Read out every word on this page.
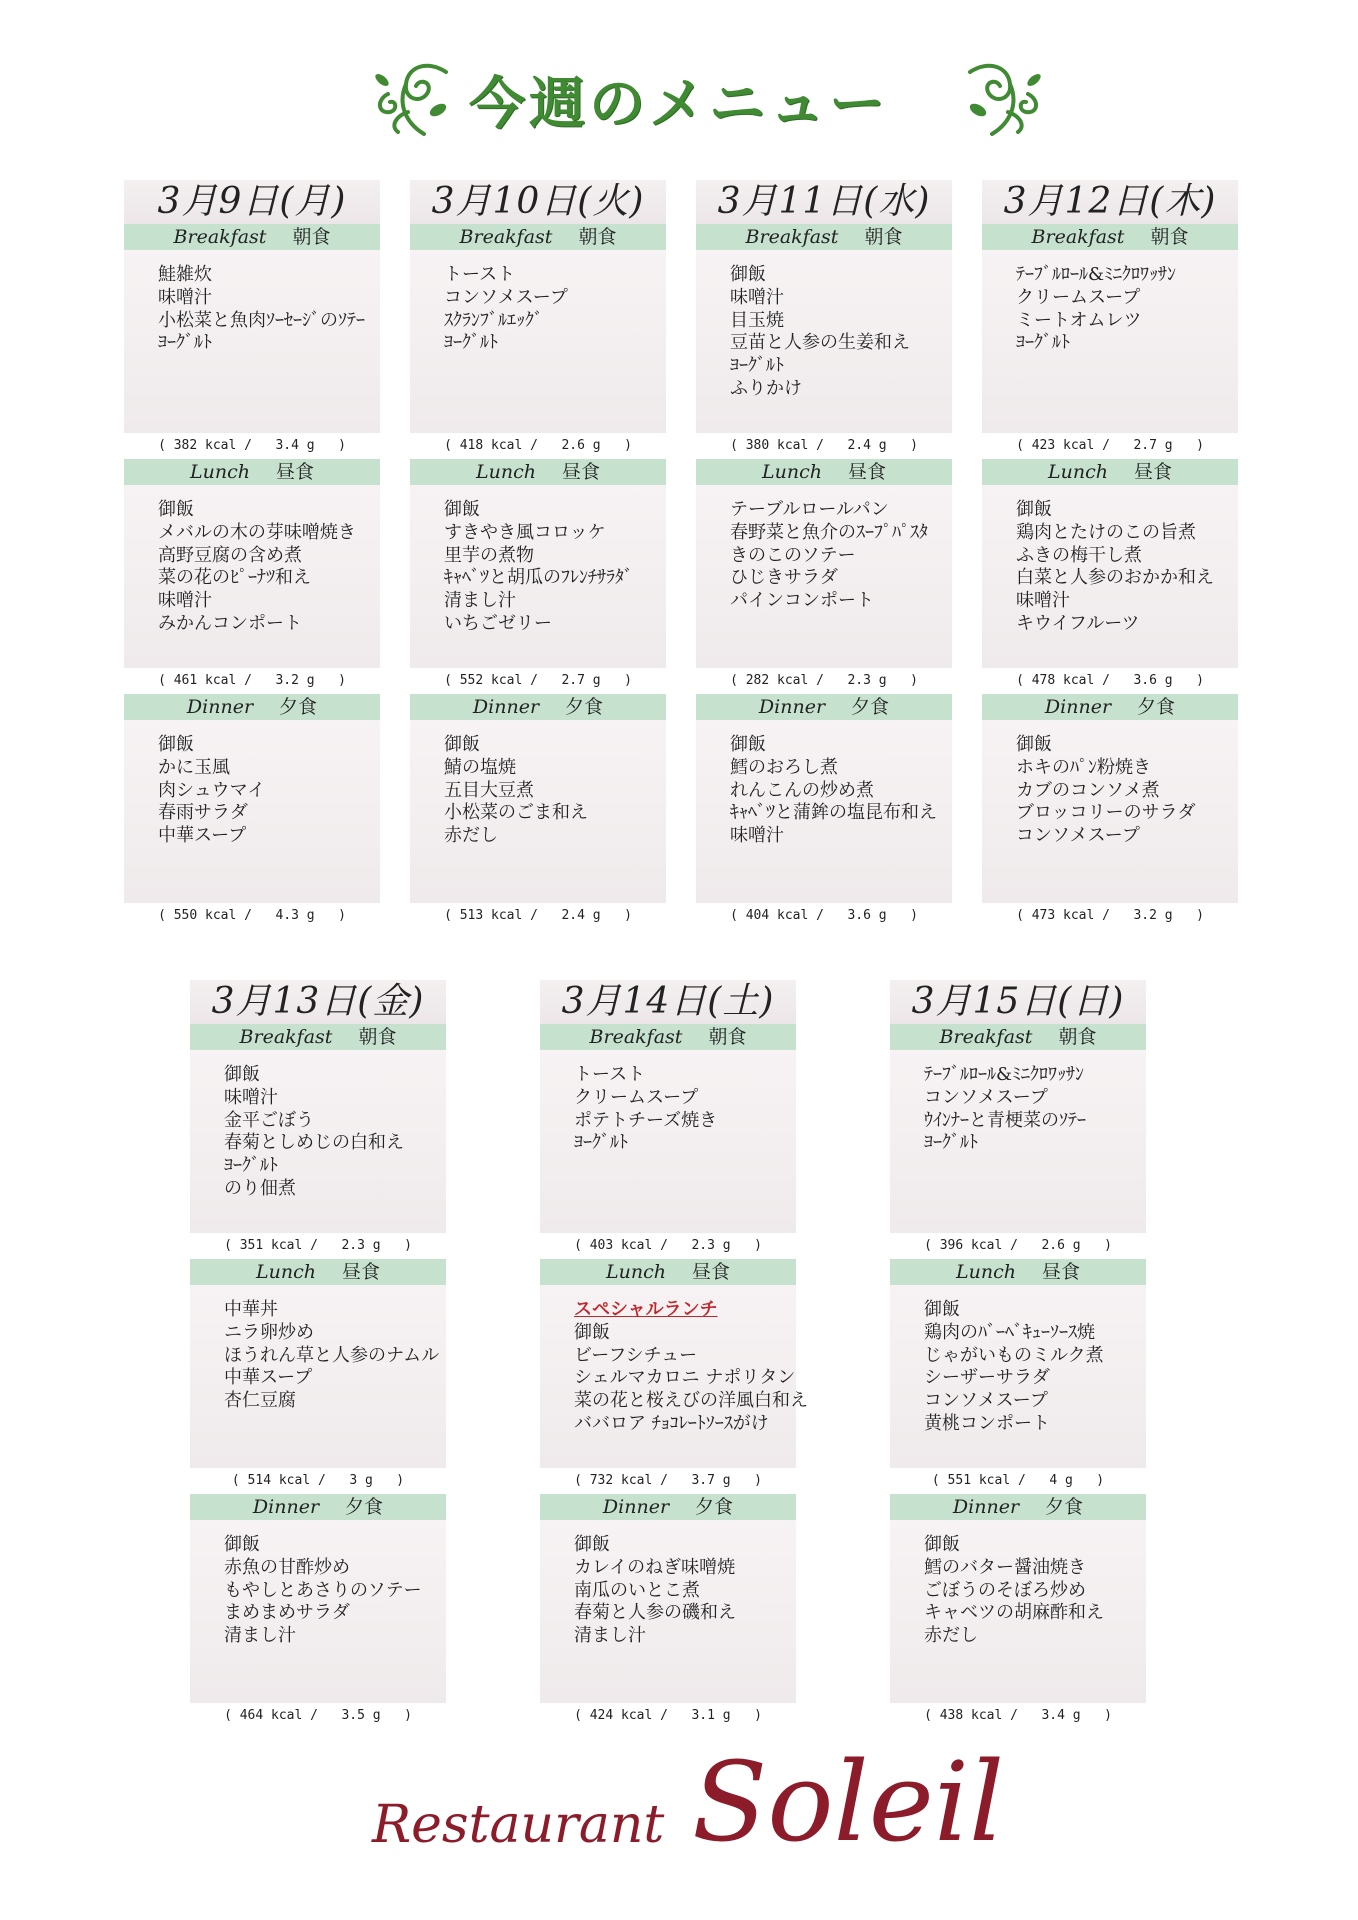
今週のメニュー
3月9日(月)
Breakfast 朝食
鮭雑炊
味噌汁
小松菜と魚肉ｿｰｾｰｼﾞのｿﾃｰ
ﾖｰｸﾞﾙﾄ
( 382 kcal /   3.4 g   )
Lunch 昼食
御飯
メバルの木の芽味噌焼き
高野豆腐の含め煮
菜の花のﾋﾟｰﾅﾂ和え
味噌汁
みかんコンポート
( 461 kcal /   3.2 g   )
Dinner 夕食
御飯
かに玉風
肉シュウマイ
春雨サラダ
中華スープ
( 550 kcal /   4.3 g   )
3月10日(火)
Breakfast 朝食
トースト
コンソメスープ
ｽｸﾗﾝﾌﾞﾙｴｯｸﾞ
ﾖｰｸﾞﾙﾄ
( 418 kcal /   2.6 g   )
Lunch 昼食
御飯
すきやき風コロッケ
里芋の煮物
ｷｬﾍﾞﾂと胡瓜のﾌﾚﾝﾁｻﾗﾀﾞ
清まし汁
いちごゼリー
( 552 kcal /   2.7 g   )
Dinner 夕食
御飯
鯖の塩焼
五目大豆煮
小松菜のごま和え
赤だし
( 513 kcal /   2.4 g   )
3月11日(水)
Breakfast 朝食
御飯
味噌汁
目玉焼
豆苗と人参の生姜和え
ﾖｰｸﾞﾙﾄ
ふりかけ
( 380 kcal /   2.4 g   )
Lunch 昼食
テーブルロールパン
春野菜と魚介のｽｰﾌﾟﾊﾟｽﾀ
きのこのソテー
ひじきサラダ
パインコンポート
( 282 kcal /   2.3 g   )
Dinner 夕食
御飯
鱈のおろし煮
れんこんの炒め煮
ｷｬﾍﾞﾂと蒲鉾の塩昆布和え
味噌汁
( 404 kcal /   3.6 g   )
3月12日(木)
Breakfast 朝食
ﾃｰﾌﾞﾙﾛｰﾙ&ﾐﾆｸﾛﾜｯｻﾝ
クリームスープ
ミートオムレツ
ﾖｰｸﾞﾙﾄ
( 423 kcal /   2.7 g   )
Lunch 昼食
御飯
鶏肉とたけのこの旨煮
ふきの梅干し煮
白菜と人参のおかか和え
味噌汁
キウイフルーツ
( 478 kcal /   3.6 g   )
Dinner 夕食
御飯
ホキのﾊﾟﾝ粉焼き
カブのコンソメ煮
ブロッコリーのサラダ
コンソメスープ
( 473 kcal /   3.2 g   )
3月13日(金)
Breakfast 朝食
御飯
味噌汁
金平ごぼう
春菊としめじの白和え
ﾖｰｸﾞﾙﾄ
のり佃煮
( 351 kcal /   2.3 g   )
Lunch 昼食
中華丼
ニラ卵炒め
ほうれん草と人参のナムル
中華スープ
杏仁豆腐
( 514 kcal /   3 g   )
Dinner 夕食
御飯
赤魚の甘酢炒め
もやしとあさりのソテー
まめまめサラダ
清まし汁
( 464 kcal /   3.5 g   )
3月14日(土)
Breakfast 朝食
トースト
クリームスープ
ポテトチーズ焼き
ﾖｰｸﾞﾙﾄ
( 403 kcal /   2.3 g   )
Lunch 昼食
スペシャルランチ
御飯
ビーフシチュー
シェルマカロニ ナポリタン
菜の花と桜えびの洋風白和え
ババロア ﾁｮｺﾚｰﾄｿｰｽがけ
( 732 kcal /   3.7 g   )
Dinner 夕食
御飯
カレイのねぎ味噌焼
南瓜のいとこ煮
春菊と人参の磯和え
清まし汁
( 424 kcal /   3.1 g   )
3月15日(日)
Breakfast 朝食
ﾃｰﾌﾞﾙﾛｰﾙ&ﾐﾆｸﾛﾜｯｻﾝ
コンソメスープ
ｳｲﾝﾅｰと青梗菜のｿﾃｰ
ﾖｰｸﾞﾙﾄ
( 396 kcal /   2.6 g   )
Lunch 昼食
御飯
鶏肉のﾊﾞｰﾍﾞｷｭｰｿｰｽ焼
じゃがいものミルク煮
シーザーサラダ
コンソメスープ
黄桃コンポート
( 551 kcal /   4 g   )
Dinner 夕食
御飯
鱈のバター醤油焼き
ごぼうのそぼろ炒め
キャベツの胡麻酢和え
赤だし
( 438 kcal /   3.4 g   )
Restaurant Soleil
